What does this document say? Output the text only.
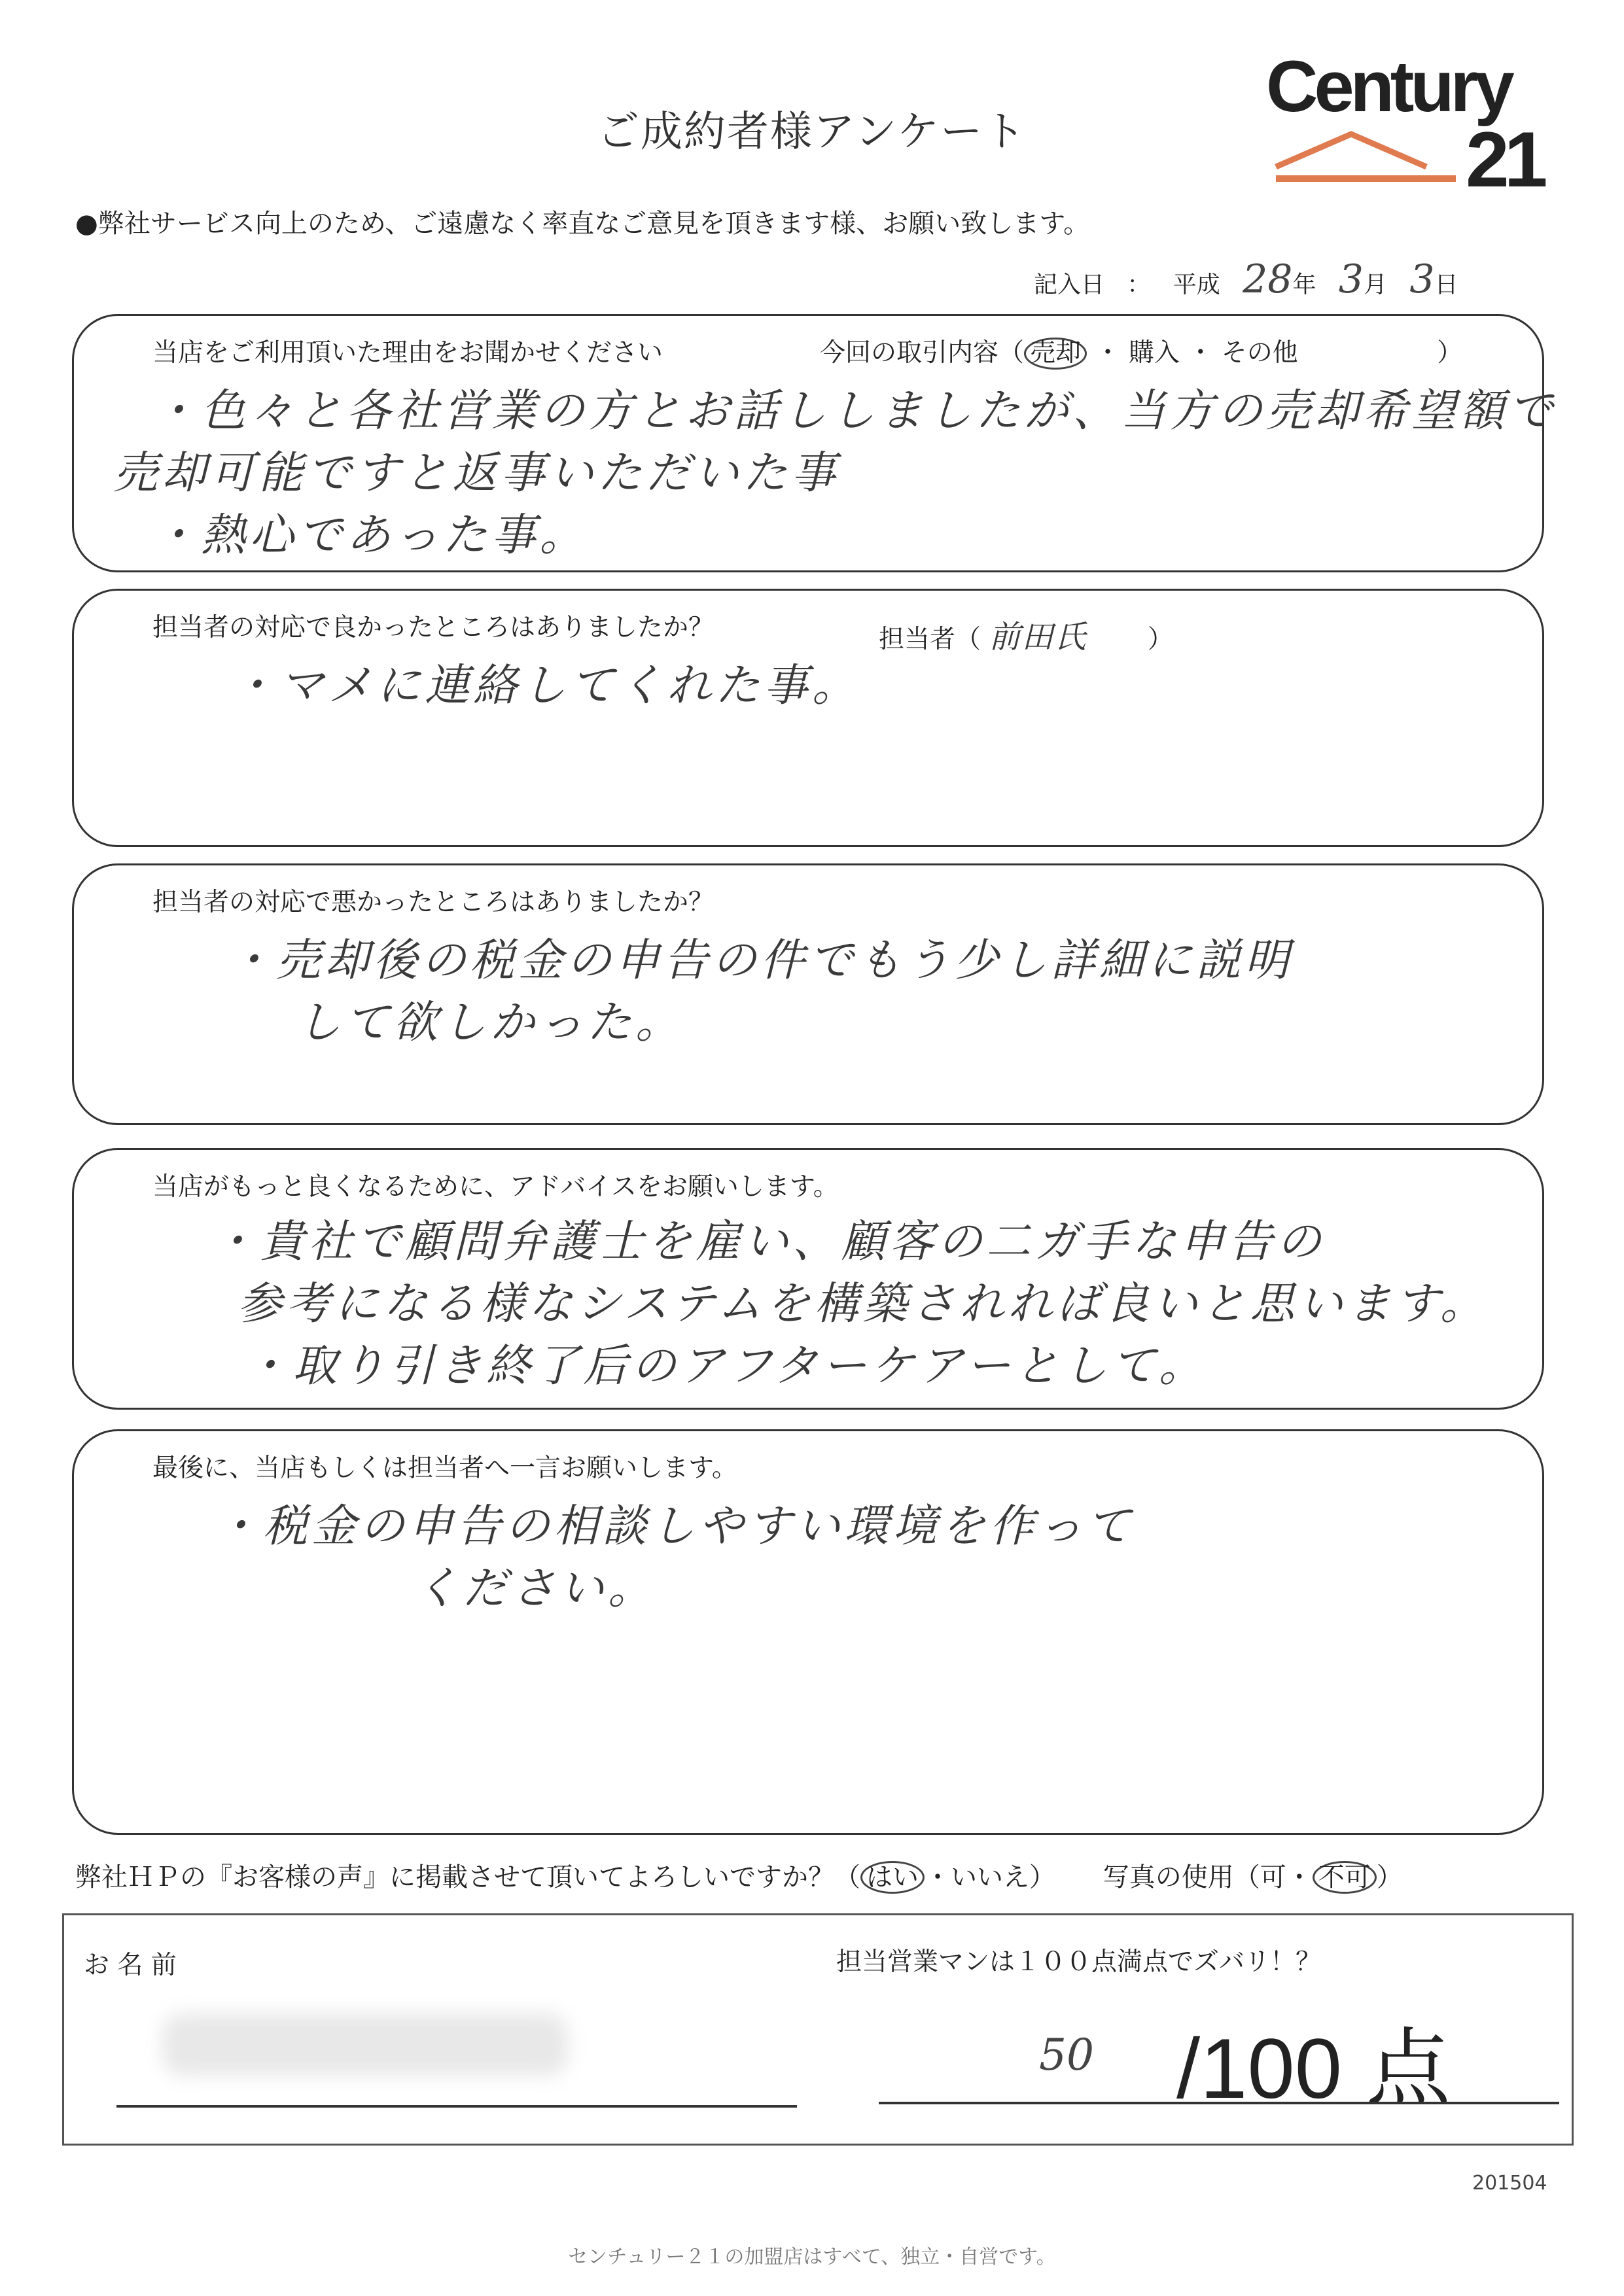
ご成約者様アンケート
Century
21
●弊社サービス向上のため、ご遠慮なく率直なご意見を頂きます様、お願い致します。
記入日 ： 平成 28年 3月 3日
当店をご利用頂いた理由をお聞かせください	今回の取引内容（ 売却 ・ 購入 ・ その他	）
・色々と各社営業の方とお話ししましたが、当方の売却希望額で
売却可能ですと返事いただいた事
・熱心であった事。
担当者の対応で良かったところはありましたか？	担当者（ 前田氏 ）
・マメに連絡してくれた事。
担当者の対応で悪かったところはありましたか？
・売却後の税金の申告の件でもう少し詳細に説明
して欲しかった。
当店がもっと良くなるために、アドバイスをお願いします。
・貴社で顧問弁護士を雇い、顧客の二ガ手な申告の
参考になる様なシステムを構築されれば良いと思います。
・取り引き終了后のアフターケアーとして。
最後に、当店もしくは担当者へ一言お願いします。
・税金の申告の相談しやすい環境を作って
ください。
弊社ＨＰの『お客様の声』に掲載させて頂いてよろしいですか？（ はい ・いいえ） 写真の使用（可・ 不可 ）
お 名 前	担当営業マンは１００点満点でズバリ！？
50 /100 点
201504
センチュリー２１の加盟店はすべて、独立・自営です。
